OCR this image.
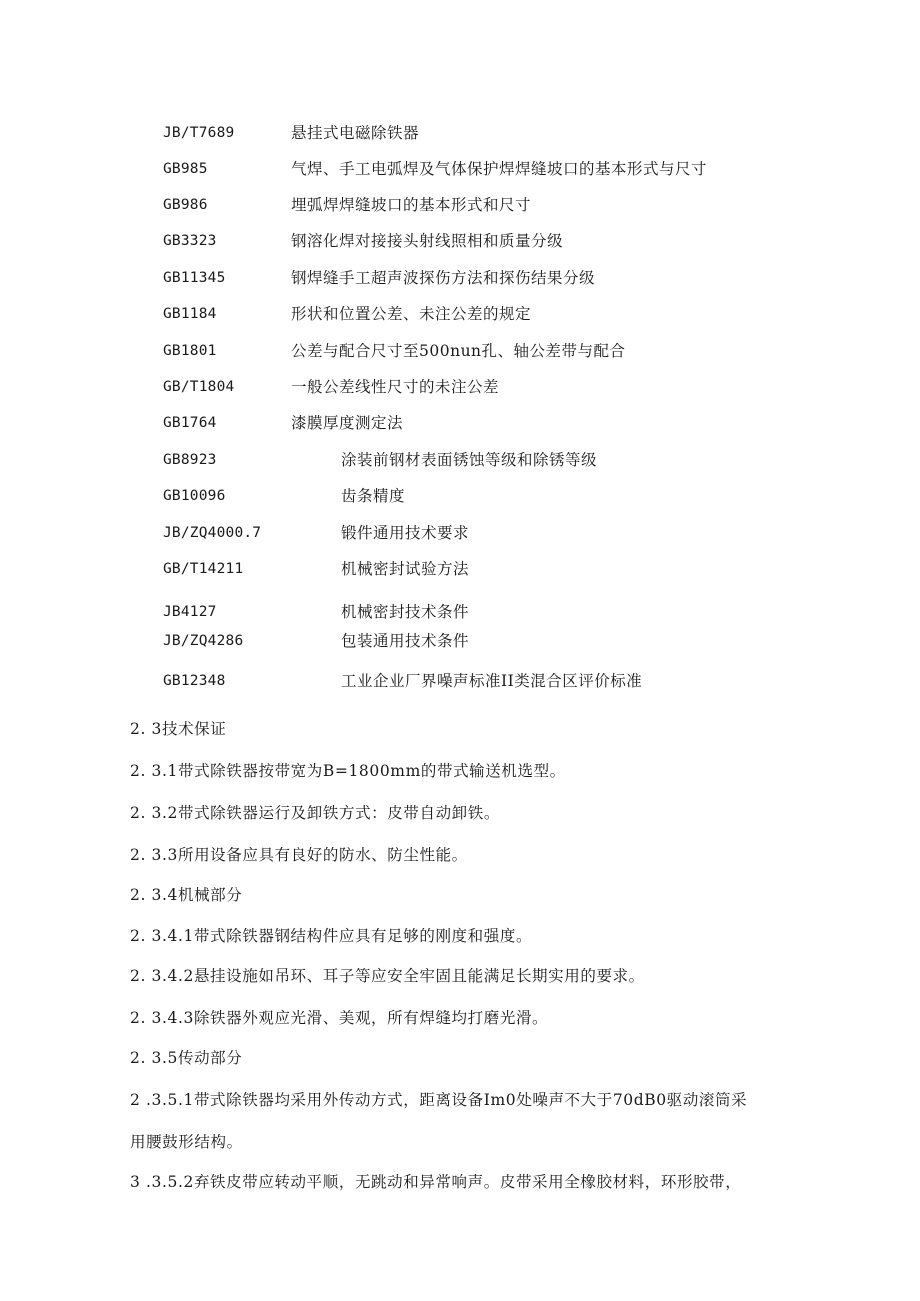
JB/T7689	悬挂式电磁除铁器
GB985	气焊、手工电弧焊及气体保护焊焊缝坡口的基本形式与尺寸
GB986	埋弧焊焊缝坡口的基本形式和尺寸
GB3323	钢溶化焊对接接头射线照相和质量分级
GB11345	钢焊缝手工超声波探伤方法和探伤结果分级
GB1184	形状和位置公差、未注公差的规定
GB1801	公差与配合尺寸至500nun孔、轴公差带与配合
GB/T1804	一般公差线性尺寸的未注公差
GB1764	漆膜厚度测定法
GB8923	涂装前钢材表面锈蚀等级和除锈等级
GB10096	齿条精度
JB/ZQ4000.7	锻件通用技术要求
GB/T14211	机械密封试验方法
JB4127	机械密封技术条件
JB/ZQ4286	包装通用技术条件
GB12348	工业企业厂界噪声标准II类混合区评价标准
2. 3技术保证
2. 3.1带式除铁器按带宽为B=1800mm的带式输送机选型。
2. 3.2带式除铁器运行及卸铁方式：皮带自动卸铁。
2. 3.3所用设备应具有良好的防水、防尘性能。
2. 3.4机械部分
2. 3.4.1带式除铁器钢结构件应具有足够的刚度和强度。
2. 3.4.2悬挂设施如吊环、耳子等应安全牢固且能满足长期实用的要求。
2. 3.4.3除铁器外观应光滑、美观，所有焊缝均打磨光滑。
2. 3.5传动部分
2 .3.5.1带式除铁器均采用外传动方式，距离设备Im0处噪声不大于70dB0驱动滚筒采
用腰鼓形结构。
3 .3.5.2弃铁皮带应转动平顺，无跳动和异常响声。皮带采用全橡胶材料，环形胶带，
